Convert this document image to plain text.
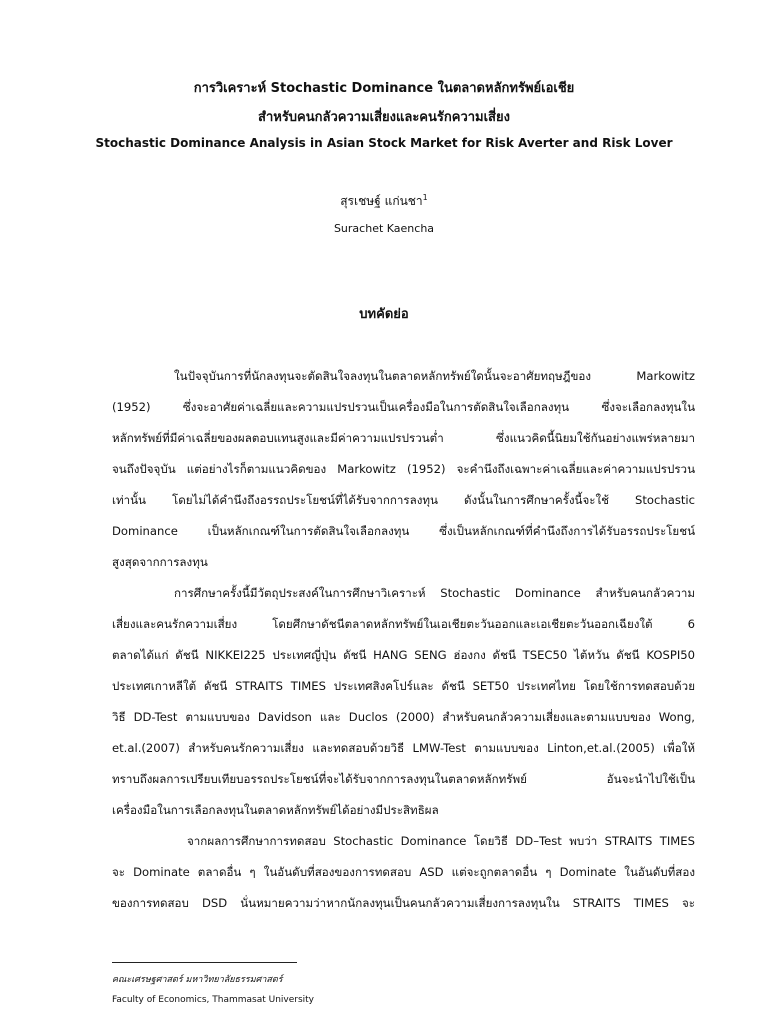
การวิเคราะห์ Stochastic Dominance ในตลาดหลักทรัพย์เอเชีย
สำหรับคนกลัวความเสี่ยงและคนรักความเสี่ยง
Stochastic Dominance Analysis in Asian Stock Market for Risk Averter and Risk Lover
สุรเชษฐ์ แก่นชา$^1$
Surachet Kaencha
บทคัดย่อ
ในปัจจุบันการที่นักลงทุนจะตัดสินใจลงทุนในตลาดหลักทรัพย์ใดนั้นจะอาศัยทฤษฎีของ Markowitz
(1952) ซึ่งจะอาศัยค่าเฉลี่ยและความแปรปรวนเป็นเครื่องมือในการตัดสินใจเลือกลงทุน ซึ่งจะเลือกลงทุนใน
หลักทรัพย์ที่มีค่าเฉลี่ยของผลตอบแทนสูงและมีค่าความแปรปรวนต่ำ ซึ่งแนวคิดนี้นิยมใช้กันอย่างแพร่หลายมา
จนถึงปัจจุบัน แต่อย่างไรก็ตามแนวคิดของ Markowitz (1952) จะคำนึงถึงเฉพาะค่าเฉลี่ยและค่าความแปรปรวน
เท่านั้น โดยไม่ได้คำนึงถึงอรรถประโยชน์ที่ได้รับจากการลงทุน ดังนั้นในการศึกษาครั้งนี้จะใช้ Stochastic
Dominance เป็นหลักเกณฑ์ในการตัดสินใจเลือกลงทุน ซึ่งเป็นหลักเกณฑ์ที่คำนึงถึงการได้รับอรรถประโยชน์
สูงสุดจากการลงทุน
การศึกษาครั้งนี้มีวัตถุประสงค์ในการศึกษาวิเคราะห์ Stochastic Dominance สำหรับคนกลัวความ
เสี่ยงและคนรักความเสี่ยง โดยศึกษาดัชนีตลาดหลักทรัพย์ในเอเชียตะวันออกและเอเชียตะวันออกเฉียงใต้ 6
ตลาดได้แก่ ดัชนี NIKKEI225 ประเทศญี่ปุ่น ดัชนี HANG SENG ฮ่องกง ดัชนี TSEC50 ไต้หวัน ดัชนี KOSPI50
ประเทศเกาหลีใต้ ดัชนี STRAITS TIMES ประเทศสิงคโปร์และ ดัชนี SET50 ประเทศไทย โดยใช้การทดสอบด้วย
วิธี DD-Test ตามแบบของ Davidson และ Duclos (2000) สำหรับคนกลัวความเสี่ยงและตามแบบของ Wong,
et.al.(2007) สำหรับคนรักความเสี่ยง และทดสอบด้วยวิธี LMW-Test ตามแบบของ Linton,et.al.(2005) เพื่อให้
ทราบถึงผลการเปรียบเทียบอรรถประโยชน์ที่จะได้รับจากการลงทุนในตลาดหลักทรัพย์ อันจะนำไปใช้เป็น
เครื่องมือในการเลือกลงทุนในตลาดหลักทรัพย์ได้อย่างมีประสิทธิผล
จากผลการศึกษาการทดสอบ Stochastic Dominance โดยวิธี DD–Test พบว่า STRAITS TIMES
จะ Dominate ตลาดอื่น ๆ ในอันดับที่สองของการทดสอบ ASD แต่จะถูกตลาดอื่น ๆ Dominate ในอันดับที่สอง
ของการทดสอบ DSD นั่นหมายความว่าหากนักลงทุนเป็นคนกลัวความเสี่ยงการลงทุนใน STRAITS TIMES จะ
คณะเศรษฐศาสตร์ มหาวิทยาลัยธรรมศาสตร์
Faculty of Economics, Thammasat University
